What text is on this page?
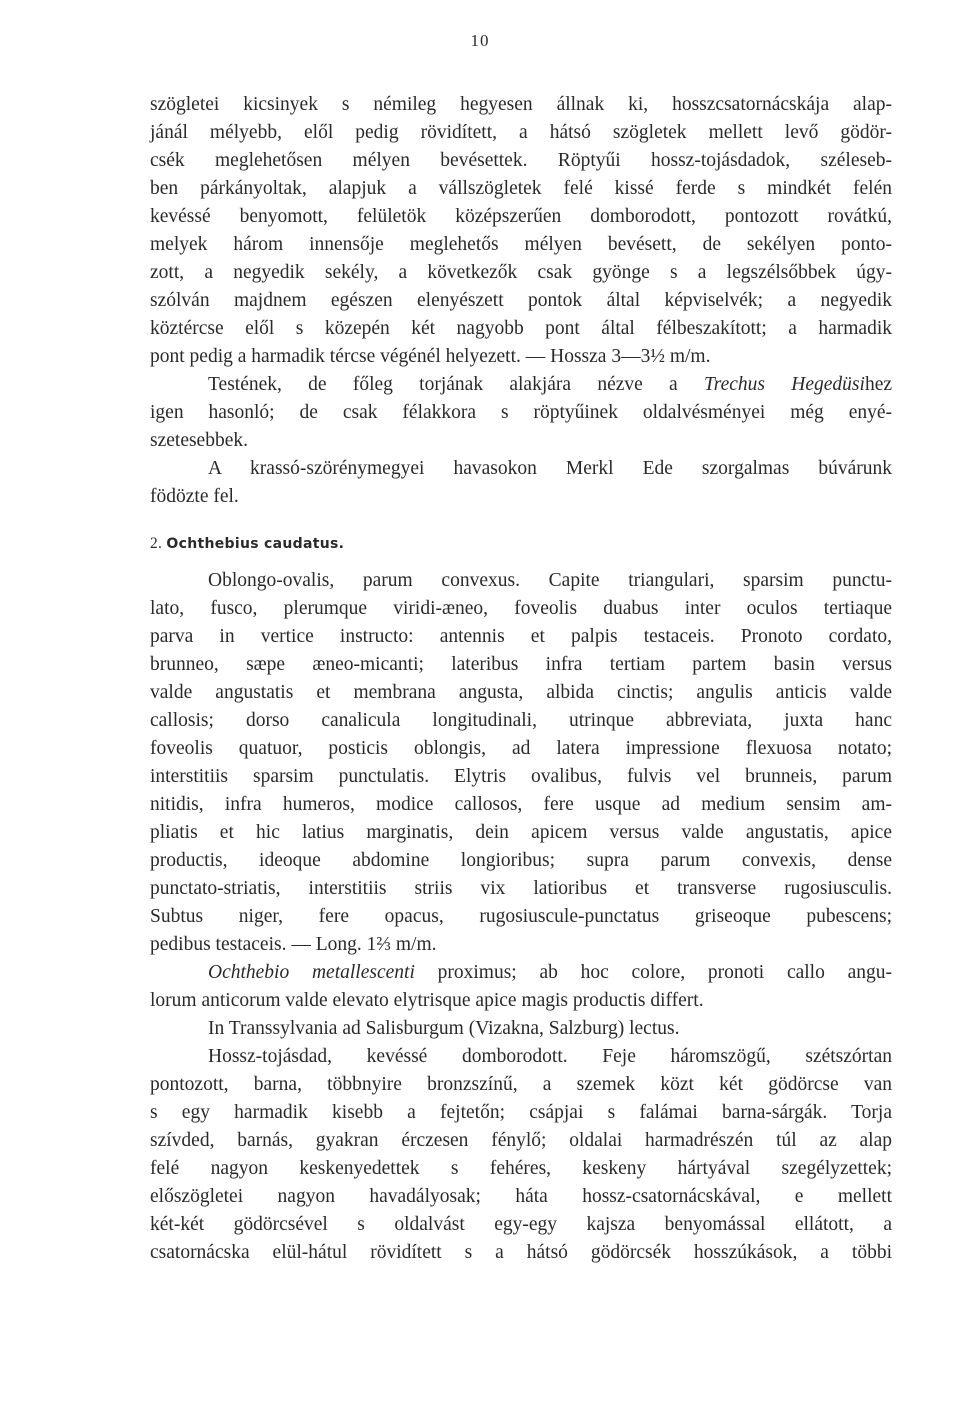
10
szögletei kicsinyek s némileg hegyesen állnak ki, hosszcsatornácskája alap-
jánál mélyebb, elől pedig rövidített, a hátsó szögletek mellett levő gödör-
csék meglehetősen mélyen bevésettek. Röptyűi hossz-tojásdadok, széleseb-
ben párkányoltak, alapjuk a vállszögletek felé kissé ferde s mindkét felén
kevéssé benyomott, felületök középszerűen domborodott, pontozott rovátkú,
melyek három innensője meglehetős mélyen bevésett, de sekélyen ponto-
zott, a negyedik sekély, a következők csak gyönge s a legszélsőbbek úgy-
szólván majdnem egészen elenyészett pontok által képviselvék; a negyedik
köztércse elől s közepén két nagyobb pont által félbeszakított; a harmadik
pont pedig a harmadik tércse végénél helyezett. — Hossza 3—3½ m/m.
Testének, de főleg torjának alakjára nézve a Trechus Hegedüsihez
igen hasonló; de csak félakkora s röptyűinek oldalvésményei még enyé-
szetesebbek.
A krassó-szörénymegyei havasokon Merkl Ede szorgalmas búvárunk
födözte fel.
2. Ochthebius caudatus.
Oblongo-ovalis, parum convexus. Capite triangulari, sparsim punctu-
lato, fusco, plerumque viridi-æneo, foveolis duabus inter oculos tertiaque
parva in vertice instructo: antennis et palpis testaceis. Pronoto cordato,
brunneo, sæpe æneo-micanti; lateribus infra tertiam partem basin versus
valde angustatis et membrana angusta, albida cinctis; angulis anticis valde
callosis; dorso canalicula longitudinali, utrinque abbreviata, juxta hanc
foveolis quatuor, posticis oblongis, ad latera impressione flexuosa notato;
interstitiis sparsim punctulatis. Elytris ovalibus, fulvis vel brunneis, parum
nitidis, infra humeros, modice callosos, fere usque ad medium sensim am-
pliatis et hic latius marginatis, dein apicem versus valde angustatis, apice
productis, ideoque abdomine longioribus; supra parum convexis, dense
punctato-striatis, interstitiis striis vix latioribus et transverse rugosiusculis.
Subtus niger, fere opacus, rugosiuscule-punctatus griseoque pubescens;
pedibus testaceis. — Long. 1⅔ m/m.
Ochthebio metallescenti proximus; ab hoc colore, pronoti callo angu-
lorum anticorum valde elevato elytrisque apice magis productis differt.
In Transsylvania ad Salisburgum (Vizakna, Salzburg) lectus.
Hossz-tojásdad, kevéssé domborodott. Feje háromszögű, szétszórtan
pontozott, barna, többnyire bronzszínű, a szemek közt két gödörcse van
s egy harmadik kisebb a fejtetőn; csápjai s falámai barna-sárgák. Torja
szívded, barnás, gyakran érczesen fénylő; oldalai harmadrészén túl az alap
felé nagyon keskenyedettek s fehéres, keskeny hártyával szegélyzettek;
előszögletei nagyon havadályosak; háta hossz-csatornácskával, e mellett
két-két gödörcsével s oldalvást egy-egy kajsza benyomással ellátott, a
csatornácska elül-hátul rövidített s a hátsó gödörcsék hosszúkások, a többi
